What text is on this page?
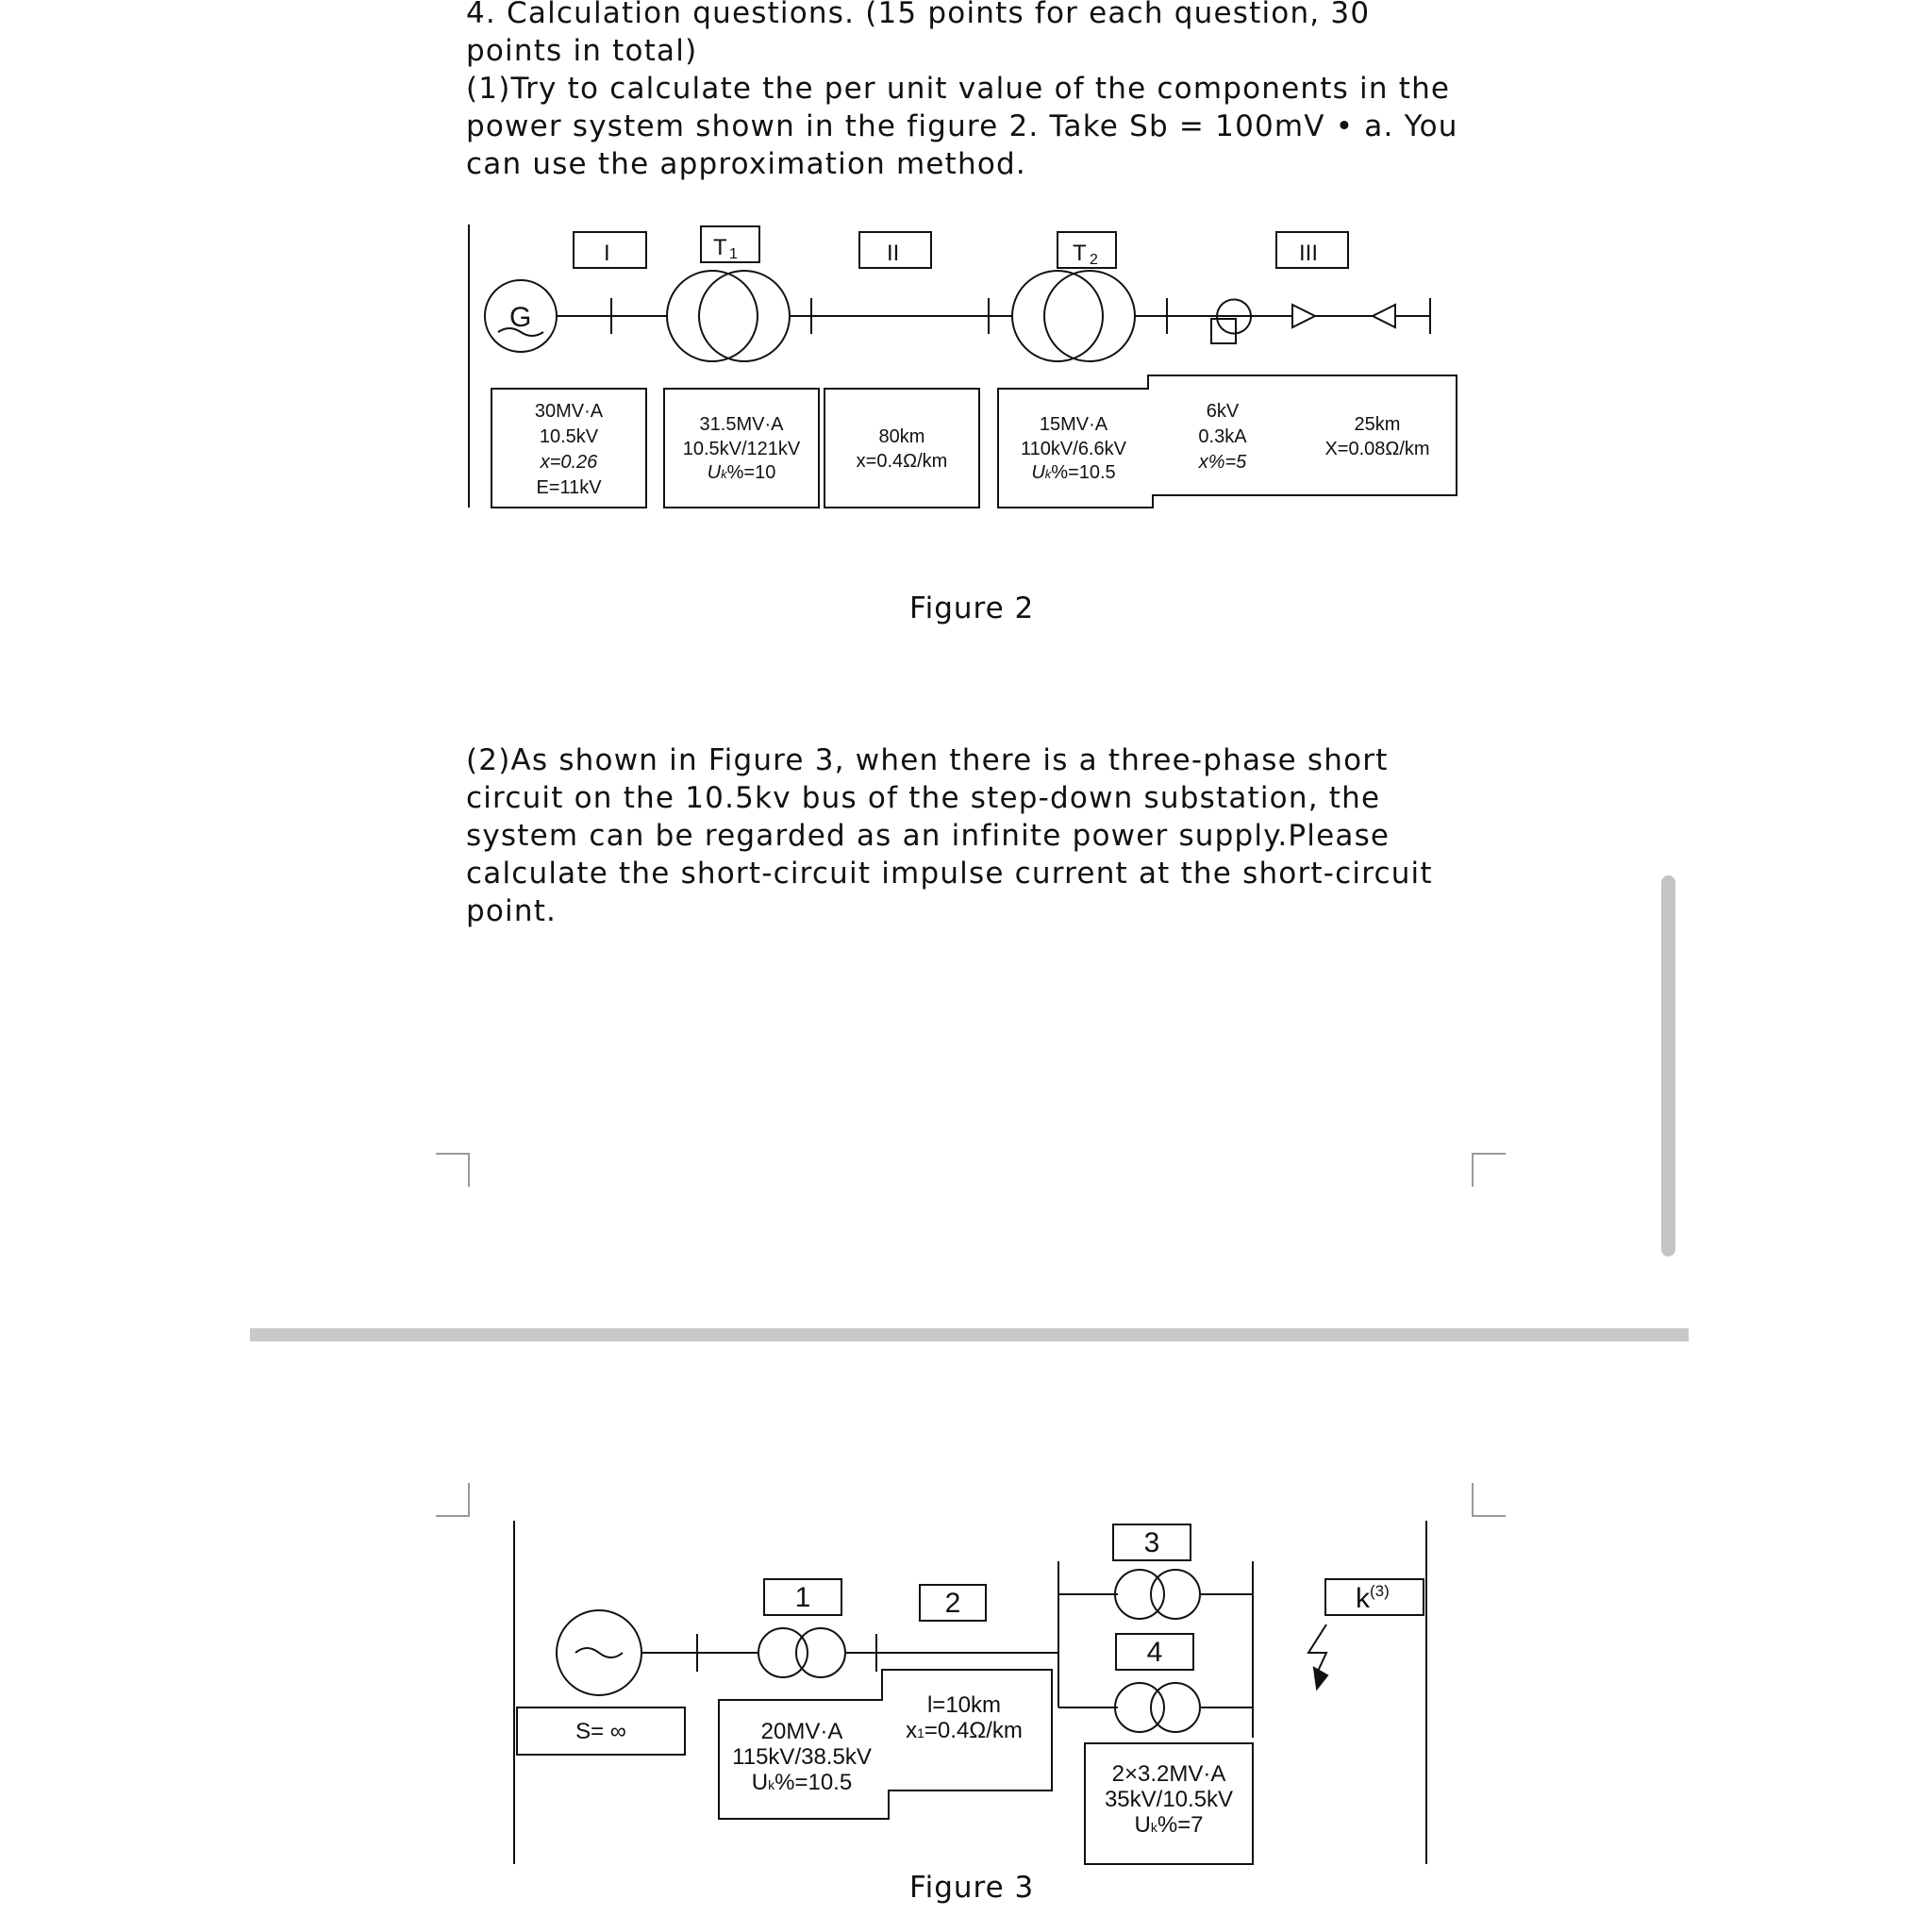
4. Calculation questions. (15 points for each question, 30 points in total)

(1)Try to calculate the per unit value of the components in the power system shown in the figure 2. Take Sb = 100mV • a. You can use the approximation method.

G
I	T 1	II	T 2	III
30MV·A
10.5kV
x=0.26
E=11kV
31.5MV·A
10.5kV/121kV
Uk%=10
80km
x=0.4Ω/km
15MV·A
110kV/6.6kV
Uk%=10.5
6kV
0.3kA
x%=5
25km
X=0.08Ω/km

Figure 2

(2)As shown in Figure 3, when there is a three-phase short circuit on the 10.5kv bus of the step-down substation, the system can be regarded as an infinite power supply.Please calculate the short-circuit impulse current at the short-circuit point.

1	2
3
4
$k^{(3)}$
S= ∞	20MV·A
115kV/38.5kV
Uk%=10.5
l=10km
x1=0.4Ω/km
2×3.2MV·A
35kV/10.5kV
Uk%=7

Figure 3
